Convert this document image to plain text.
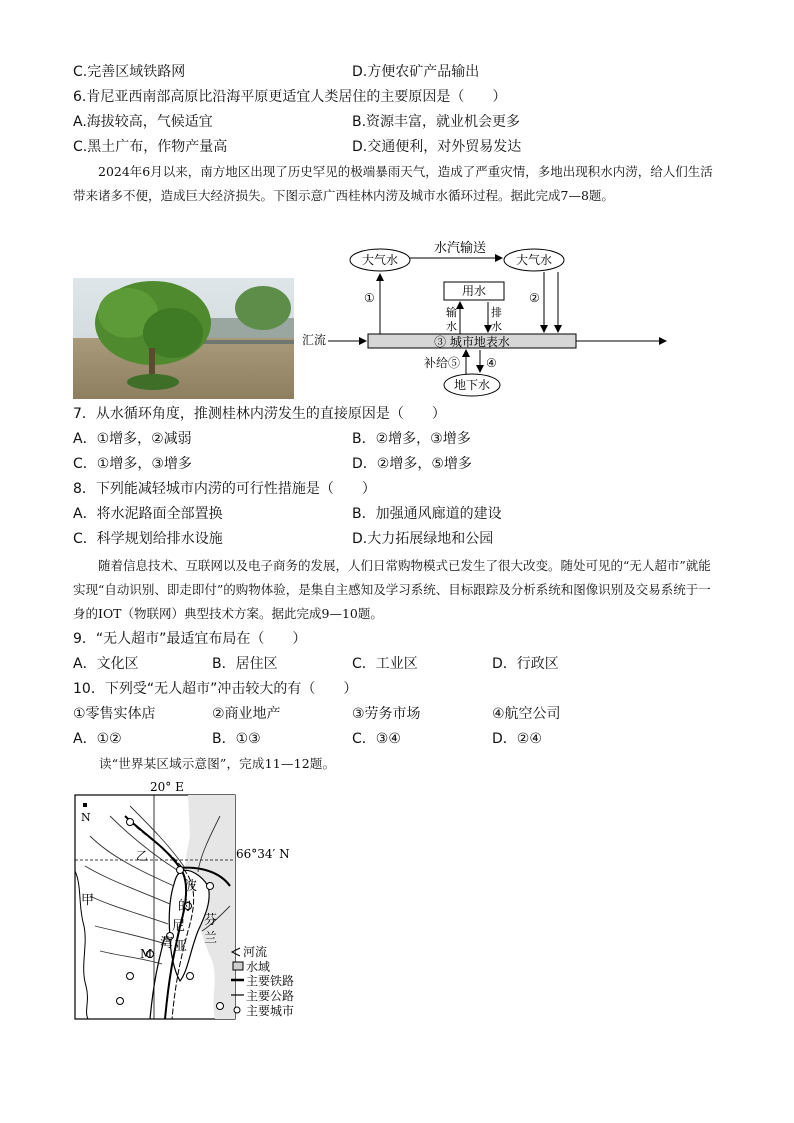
C.完善区域铁路网	D.方便农矿产品输出
6.肯尼亚西南部高原比沿海平原更适宜人类居住的主要原因是（　　）
A.海拔较高，气候适宜	B.资源丰富，就业机会更多
C.黑土广布，作物产量高	D.交通便利，对外贸易发达
2024年6月以来，南方地区出现了历史罕见的极端暴雨天气，造成了严重灾情，多地出现积水内涝，给人们生活带来诸多不便，造成巨大经济损失。下图示意广西桂林内涝及城市水循环过程。据此完成7—8题。
大气水	大气水
水汽输送
用水
③ 城市地表水
汇流
①	②
输
水
排
水
地下水
补给⑤ ④
7．从水循环角度，推测桂林内涝发生的直接原因是（　　）
A．①增多，②减弱	B．②增多，③增多
C．①增多，③增多	D．②增多，⑤增多
8．下列能减轻城市内涝的可行性措施是（　　）
A．将水泥路面全部置换	B．加强通风廊道的建设
C．科学规划给排水设施	D.大力拓展绿地和公园
随着信息技术、互联网以及电子商务的发展，人们日常购物模式已发生了很大改变。随处可见的“无人超市”就能实现“自动识别、即走即付”的购物体验，是集自主感知及学习系统、目标跟踪及分析系统和图像识别及交易系统于一身的IOT（物联网）典型技术方案。据此完成9—10题。
9．“无人超市”最适宜布局在（　　）
A．文化区	B．居住区	C．工业区	D．行政区
10．下列受“无人超市”冲击较大的有（　　）
①零售实体店	②商业地产	③劳务市场	④航空公司
A．①②	B．①③	C．③④	D．②④
读“世界某区域示意图”，完成11—12题。
20° E
66°34′ N
N
甲
乙
M
波
的
尼
亚
湾
芬
兰
河流
水域
主要铁路
主要公路
主要城市
